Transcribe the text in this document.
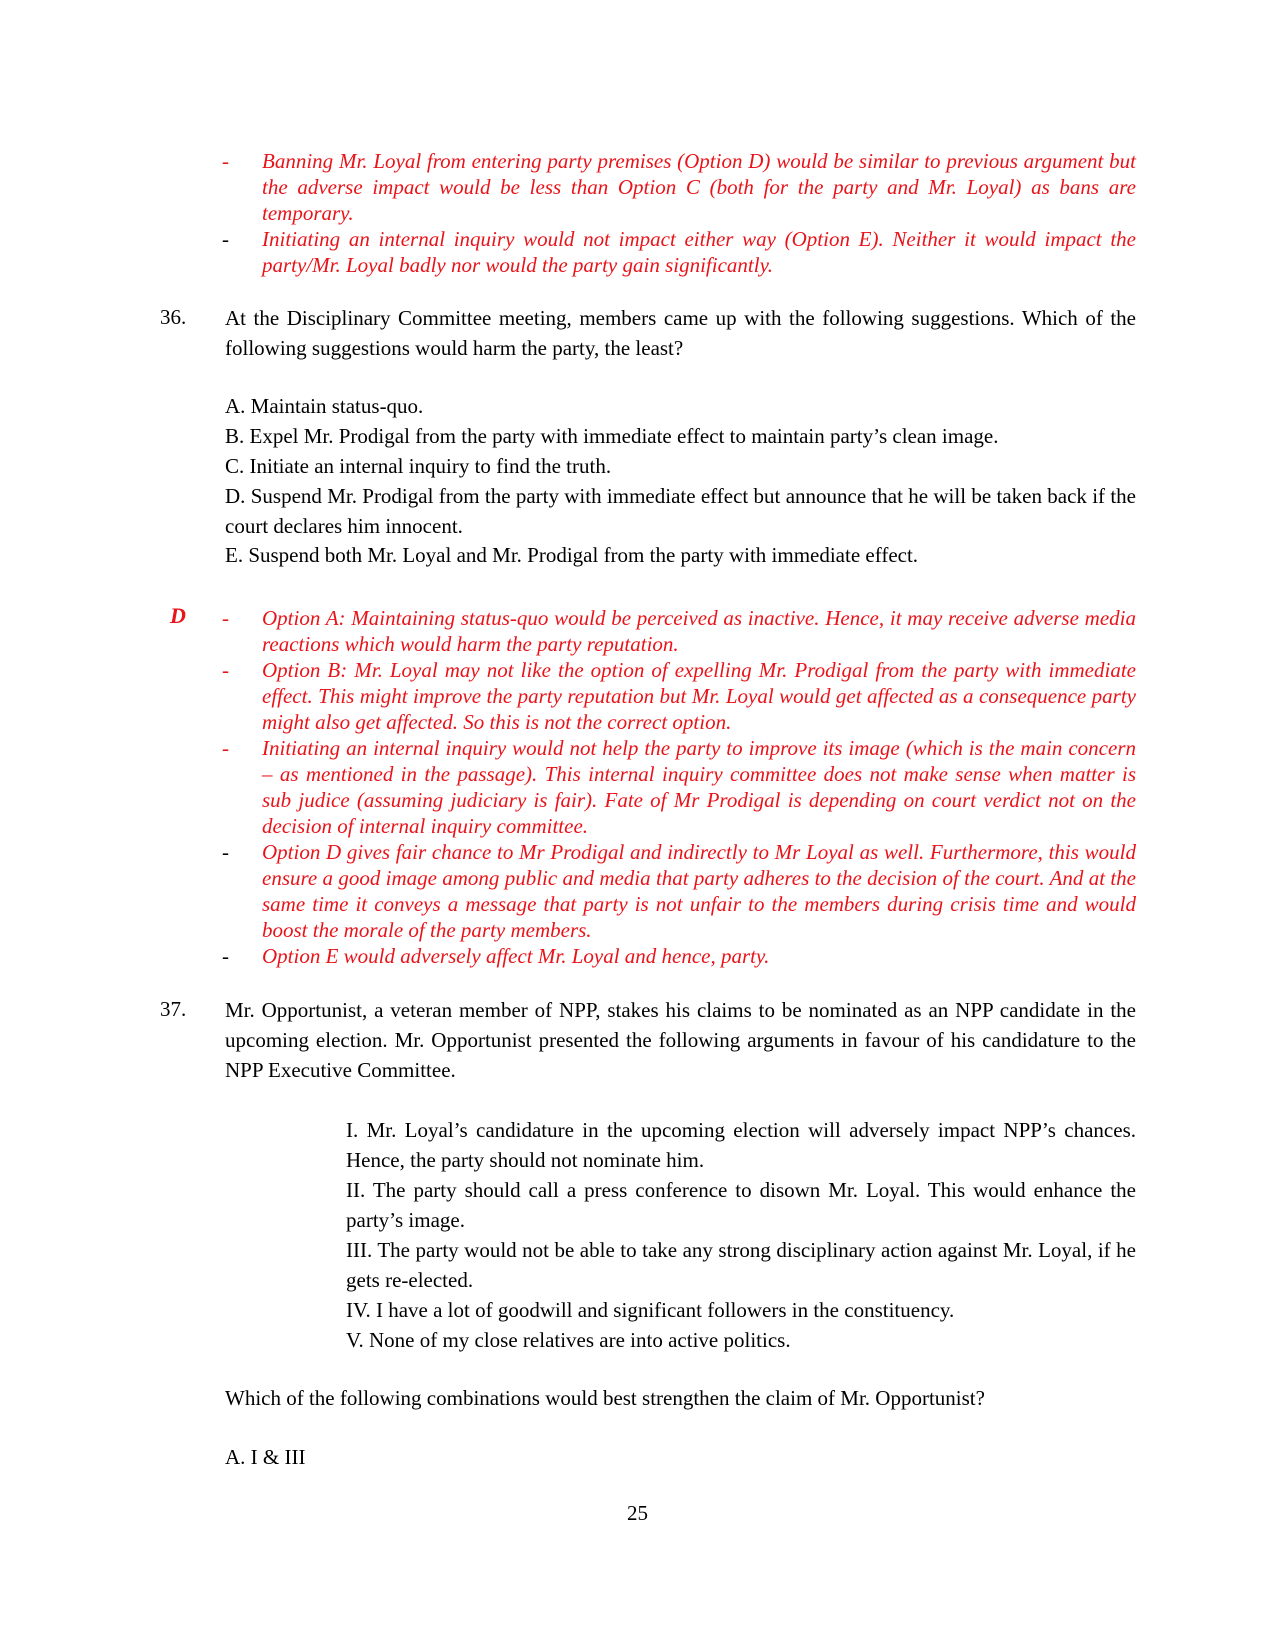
- Banning Mr. Loyal from entering party premises (Option D) would be similar to previous argument but the adverse impact would be less than Option C (both for the party and Mr. Loyal) as bans are temporary.
- Initiating an internal inquiry would not impact either way (Option E). Neither it would impact the party/Mr. Loyal badly nor would the party gain significantly.
36. At the Disciplinary Committee meeting, members came up with the following suggestions. Which of the following suggestions would harm the party, the least?
A. Maintain status-quo.
B. Expel Mr. Prodigal from the party with immediate effect to maintain party’s clean image.
C. Initiate an internal inquiry to find the truth.
D. Suspend Mr. Prodigal from the party with immediate effect but announce that he will be taken back if the court declares him innocent.
E. Suspend both Mr. Loyal and Mr. Prodigal from the party with immediate effect.
D - Option A: Maintaining status-quo would be perceived as inactive. Hence, it may receive adverse media reactions which would harm the party reputation.
- Option B: Mr. Loyal may not like the option of expelling Mr. Prodigal from the party with immediate effect. This might improve the party reputation but Mr. Loyal would get affected as a consequence party might also get affected. So this is not the correct option.
- Initiating an internal inquiry would not help the party to improve its image (which is the main concern – as mentioned in the passage). This internal inquiry committee does not make sense when matter is sub judice (assuming judiciary is fair). Fate of Mr Prodigal is depending on court verdict not on the decision of internal inquiry committee.
- Option D gives fair chance to Mr Prodigal and indirectly to Mr Loyal as well. Furthermore, this would ensure a good image among public and media that party adheres to the decision of the court. And at the same time it conveys a message that party is not unfair to the members during crisis time and would boost the morale of the party members.
- Option E would adversely affect Mr. Loyal and hence, party.
37. Mr. Opportunist, a veteran member of NPP, stakes his claims to be nominated as an NPP candidate in the upcoming election. Mr. Opportunist presented the following arguments in favour of his candidature to the NPP Executive Committee.
I. Mr. Loyal’s candidature in the upcoming election will adversely impact NPP’s chances. Hence, the party should not nominate him.
II. The party should call a press conference to disown Mr. Loyal. This would enhance the party’s image.
III. The party would not be able to take any strong disciplinary action against Mr. Loyal, if he gets re-elected.
IV. I have a lot of goodwill and significant followers in the constituency.
V. None of my close relatives are into active politics.
Which of the following combinations would best strengthen the claim of Mr. Opportunist?
A. I & III
25
